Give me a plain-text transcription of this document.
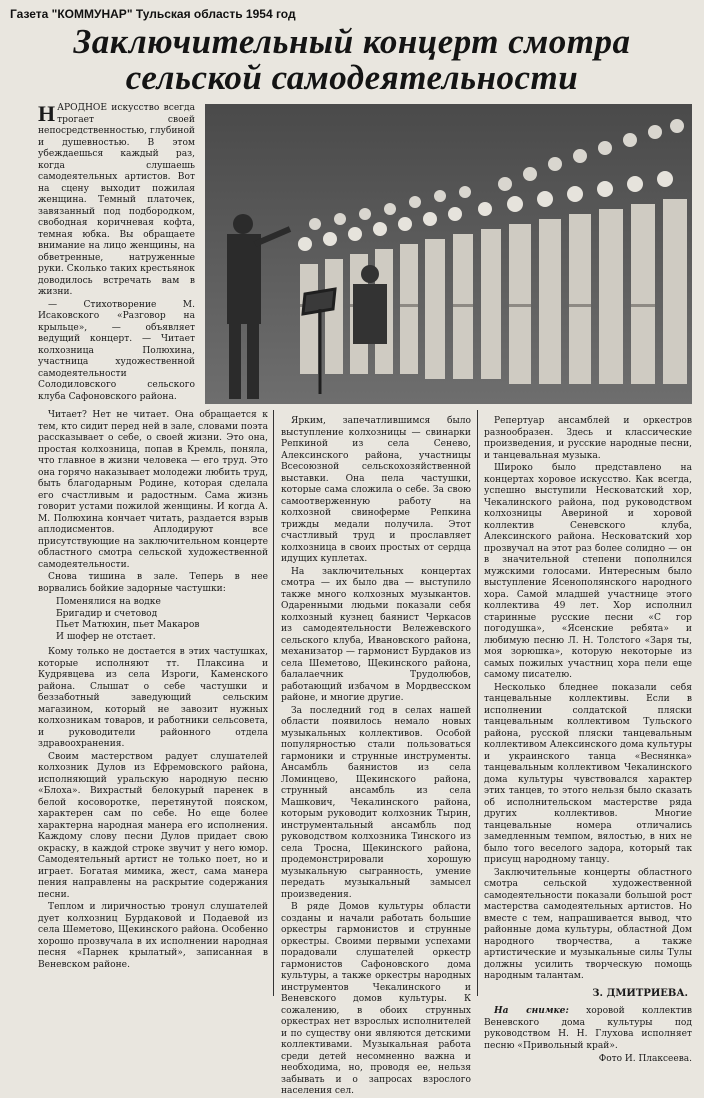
Газета "КОММУНАР" Тульская область 1954 год
Заключительный концерт смотра
сельской самодеятельности

НАРОДНОЕ искусство всегда трогает своей непосредственностью, глубиной и душевностью. В этом убеждаешься каждый раз, когда слушаешь самодеятельных артистов. Вот на сцену выходит пожилая женщина. Темный платочек, завязанный под подбородком, свободная коричневая кофта, темная юбка. Вы обращаете внимание на лицо женщины, на обветренные, натруженные руки. Сколько таких крестьянок доводилось встречать вам в жизни.

— Стихотворение М. Исаковского «Разговор на крыльце», — объявляет ведущий концерт. — Читает колхозница Полюхина, участница художественной самодеятельности Солодиловского сельского клуба Сафоновского района.

Читает? Нет не читает. Она обращается к тем, кто сидит перед ней в зале, словами поэта рассказывает о себе, о своей жизни. Это она, простая колхозница, попав в Кремль, поняла, что главное в жизни человека — его труд. Это она горячо наказывает молодежи любить труд, быть благодарным Родине, которая сделала его счастливым и радостным. Сама жизнь говорит устами пожилой женщины. И когда А. М. Полюхина кончает читать, раздается взрыв аплодисментов. Аплодируют все присутствующие на заключительном концерте областного смотра сельской художественной самодеятельности.

Снова тишина в зале. Теперь в нее ворвались бойкие задорные частушки:

Поменялися на водке
Бригадир и счетовод
Пьет Матюхин, пьет Макаров
И шофер не отстает.

Кому только не достается в этих частушках, которые исполняют тт. Плаксина и Кудрявцева из села Изроги, Каменского района. Слышат о себе частушки и беззаботный заведующий сельским магазином, который не завозит нужных колхозникам товаров, и работники сельсовета, и руководители районного отдела здравоохранения.

Своим мастерством радует слушателей колхозник Дулов из Ефремовского района, исполняющий уральскую народную песню «Блоха». Вихрастый белокурый паренек в белой косоворотке, перетянутой пояском, характерен сам по себе. Но еще более характерна народная манера его исполнения. Каждому слову песни Дулов придает свою окраску, в каждой строке звучит у него юмор. Самодеятельный артист не только поет, но и играет. Богатая мимика, жест, сама манера пения направлены на раскрытие содержания песни.

Теплом и лиричностью тронул слушателей дует колхозниц Бурдаковой и Подаевой из села Шеметово, Щекинского района. Особенно хорошо прозвучала в их исполнении народная песня «Парнек крылатый», записанная в Веневском районе.

Ярким, запечатлившимся было выступление колхозницы — свинарки Репкиной из села Сенево, Алексинского района, участницы Всесоюзной сельскохозяйственной выставки. Она пела частушки, которые сама сложила о себе. За свою самоотверженную работу на колхозной свиноферме Репкина трижды медали получила. Этот счастливый труд и прославляет колхозница в своих простых от сердца идущих куплетах.

На заключительных концертах смотра — их было два — выступило также много колхозных музыкантов. Одаренными людьми показали себя колхозный кузнец баянист Черкасов из самодеятельности Вележевского сельского клуба, Ивановского района, механизатор — гармонист Бурдаков из села Шеметово, Щекинского района, балалаечник Трудолюбов, работающий избачом в Мордвесском районе, и многие другие.

За последний год в селах нашей области появилось немало новых музыкальных коллективов. Особой популярностью стали пользоваться гармоники и струнные инструменты. Ансамбль баянистов из села Ломинцево, Щекинского района, струнный ансамбль из села Машкович, Чекалинского района, которым руководит колхозник Тырин, инструментальный ансамбль под руководством колхозника Тинского из села Тросна, Щекинского района, продемонстрировали хорошую музыкальную сыгранность, умение передать музыкальный замысел произведения.

В ряде Домов культуры области созданы и начали работать большие оркестры гармонистов и струнные оркестры. Своими первыми успехами порадовали слушателей оркестр гармонистов Сафоновского дома культуры, а также оркестры народных инструментов Чекалинского и Веневского домов культуры. К сожалению, в обоих струнных оркестрах нет взрослых исполнителей и по существу они являются детскими коллективами. Музыкальная работа среди детей несомненно важна и необходима, но, проводя ее, нельзя забывать и о запросах взрослого населения сел.

Репертуар ансамблей и оркестров разнообразен. Здесь и классические произведения, и русские народные песни, и танцевальная музыка.

Широко было представлено на концертах хоровое искусство. Как всегда, успешно выступили Несковатский хор, Чекалинского района, под руководством колхозницы Авериной и хоровой коллектив Сеневского клуба, Алексинского района. Несковатский хор прозвучал на этот раз более солидно — он в значительной степени пополнился мужскими голосами. Интересным было выступление Ясенополянского народного хора. Самой младшей участнице этого коллектива 49 лет. Хор исполнил старинные русские песни «С гор погодушка», «Ясенские ребята» и любимую песню Л. Н. Толстого «Заря ты, моя зорюшка», которую некоторые из самых пожилых участниц хора пели еще самому писателю.

Несколько бледнее показали себя танцевальные коллективы. Если в исполнении солдатской пляски танцевальным коллективом Тульского района, русской пляски танцевальным коллективом Алексинского дома культуры и украинского танца «Веснянка» танцевальным коллективом Чекалинского дома культуры чувствовался характер этих танцев, то этого нельзя было сказать об исполнительском мастерстве ряда других коллективов. Многие танцевальные номера отличались замедленным темпом, вялостью, в них не было того веселого задора, который так присущ народному танцу.

Заключительные концерты областного смотра сельской художественной самодеятельности показали большой рост мастерства самодеятельных артистов. Но вместе с тем, напрашивается вывод, что районные дома культуры, областной Дом народного творчества, а также артистические и музыкальные силы Тулы должны усилить творческую помощь народным талантам.

З. ДМИТРИЕВА.
На снимке: хоровой коллектив Веневского дома культуры под руководством Н. Н. Глухова исполняет песню «Привольный край».
Фото И. Плаксеева.
